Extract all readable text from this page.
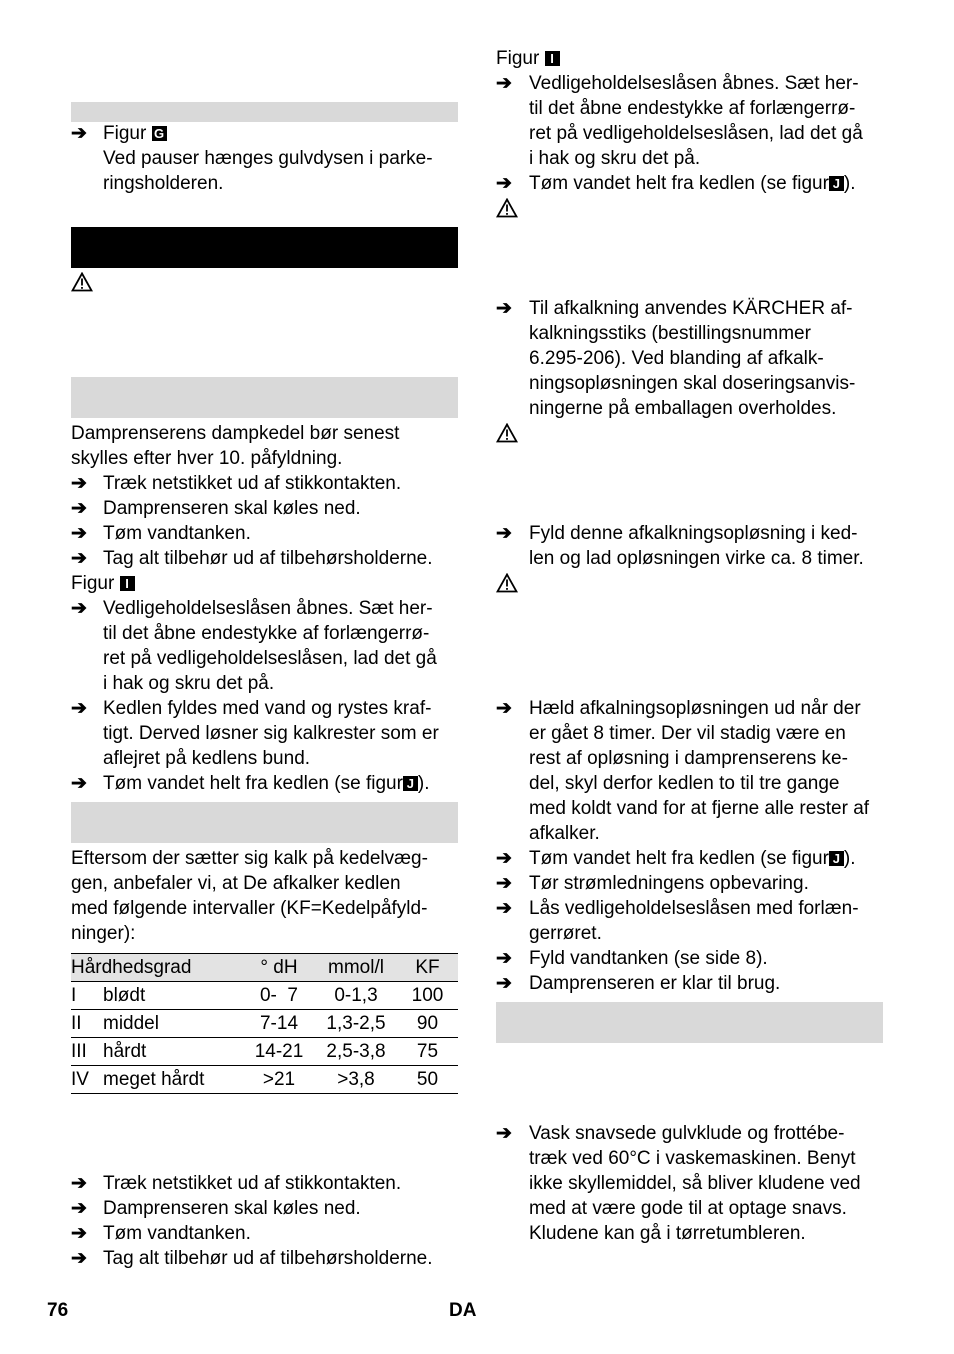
➔ Figur G
Ved pauser hænges gulvdysen i parke-
ringsholderen.
Damprenserens dampkedel bør senest
skylles efter hver 10. påfyldning.
➔ Træk netstikket ud af stikkontakten.
➔ Damprenseren skal køles ned.
➔ Tøm vandtanken.
➔ Tag alt tilbehør ud af tilbehørsholderne.
Figur I
➔ Vedligeholdelseslåsen åbnes. Sæt her-
til det åbne endestykke af forlængerrø-
ret på vedligeholdelseslåsen, lad det gå
i hak og skru det på.
➔ Kedlen fyldes med vand og rystes kraf-
tigt. Derved løsner sig kalkrester som er
aflejret på kedlens bund.
➔ Tøm vandet helt fra kedlen (se figur J ).
Eftersom der sætter sig kalk på kedelvæg-
gen, anbefaler vi, at De afkalker kedlen
med følgende intervaller (KF=Kedelpåfyld-
ninger):
Hårdhedsgrad		° dH	mmol/l	KF
I	blødt	0-  7	0-1,3	100
II	middel	7-14	1,3-2,5	90
III	hårdt	14-21	2,5-3,8	75
IV	meget hårdt	>21	>3,8	50
➔ Træk netstikket ud af stikkontakten.
➔ Damprenseren skal køles ned.
➔ Tøm vandtanken.
➔ Tag alt tilbehør ud af tilbehørsholderne.
Figur I
➔ Vedligeholdelseslåsen åbnes. Sæt her-
til det åbne endestykke af forlængerrø-
ret på vedligeholdelseslåsen, lad det gå
i hak og skru det på.
➔ Tøm vandet helt fra kedlen (se figur J ).
➔ Til afkalkning anvendes KÄRCHER af-
kalkningsstiks (bestillingsnummer
6.295-206). Ved blanding af afkalk-
ningsopløsningen skal doseringsanvis-
ningerne på emballagen overholdes.
➔ Fyld denne afkalkningsopløsning i ked-
len og lad opløsningen virke ca. 8 timer.
➔ Hæld afkalningsopløsningen ud når der
er gået 8 timer. Der vil stadig være en
rest af opløsning i damprenserens ke-
del, skyl derfor kedlen to til tre gange
med koldt vand for at fjerne alle rester af
afkalker.
➔ Tøm vandet helt fra kedlen (se figur J ).
➔ Tør strømledningens opbevaring.
➔ Lås vedligeholdelseslåsen med forlæn-
gerrøret.
➔ Fyld vandtanken (se side 8).
➔ Damprenseren er klar til brug.
➔ Vask snavsede gulvklude og frottébe-
træk ved 60°C i vaskemaskinen. Benyt
ikke skyllemiddel, så bliver kludene ved
med at være gode til at optage snavs.
Kludene kan gå i tørretumbleren.
76	DA
